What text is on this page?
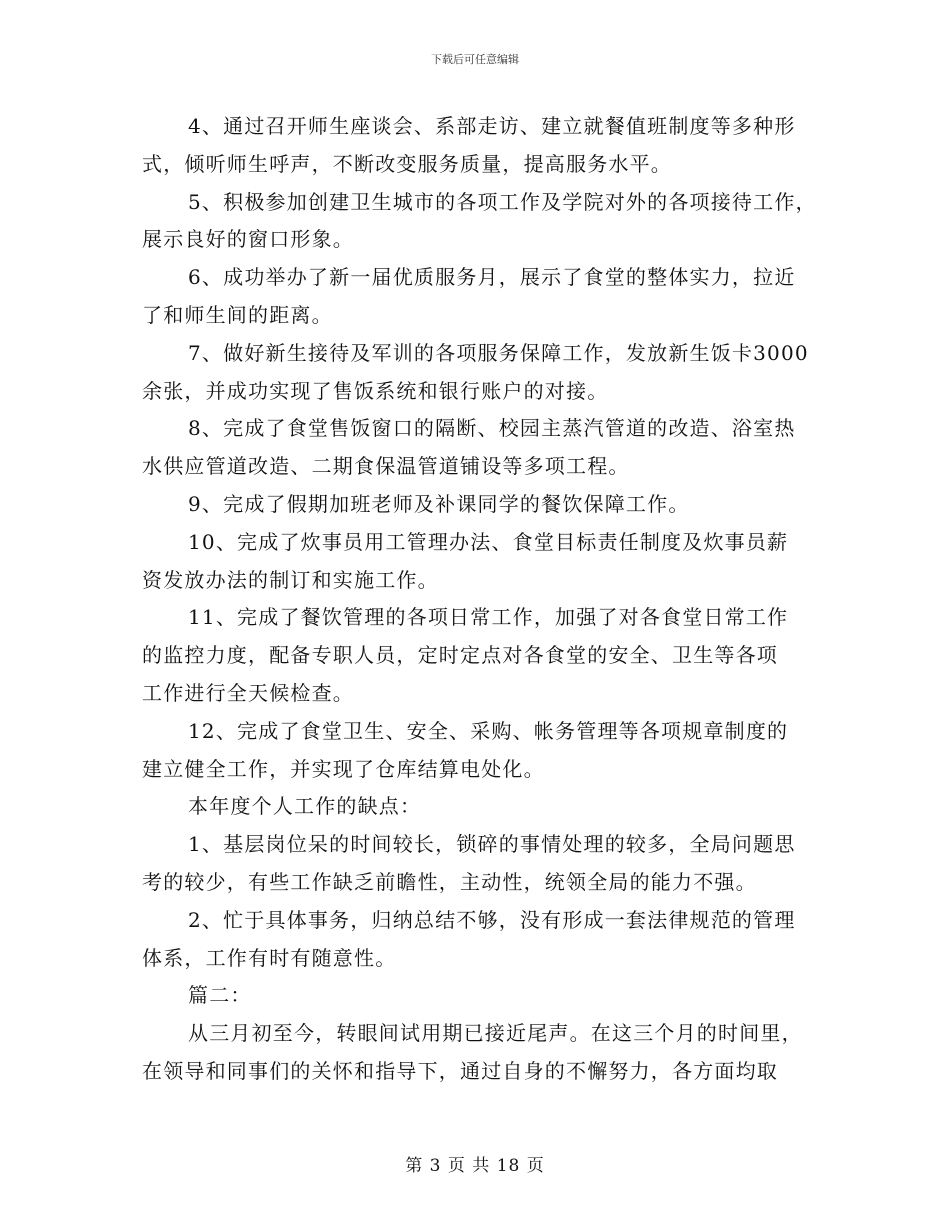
下载后可任意编辑
4、通过召开师生座谈会、系部走访、建立就餐值班制度等多种形
式，倾听师生呼声，不断改变服务质量，提高服务水平。
5、积极参加创建卫生城市的各项工作及学院对外的各项接待工作，
展示良好的窗口形象。
6、成功举办了新一届优质服务月，展示了食堂的整体实力，拉近
了和师生间的距离。
7、做好新生接待及军训的各项服务保障工作，发放新生饭卡3000
余张，并成功实现了售饭系统和银行账户的对接。
8、完成了食堂售饭窗口的隔断、校园主蒸汽管道的改造、浴室热
水供应管道改造、二期食保温管道铺设等多项工程。
9、完成了假期加班老师及补课同学的餐饮保障工作。
10、完成了炊事员用工管理办法、食堂目标责任制度及炊事员薪
资发放办法的制订和实施工作。
11、完成了餐饮管理的各项日常工作，加强了对各食堂日常工作
的监控力度，配备专职人员，定时定点对各食堂的安全、卫生等各项
工作进行全天候检查。
12、完成了食堂卫生、安全、采购、帐务管理等各项规章制度的
建立健全工作，并实现了仓库结算电处化。
本年度个人工作的缺点：
1、基层岗位呆的时间较长，锁碎的事情处理的较多，全局问题思
考的较少，有些工作缺乏前瞻性，主动性，统领全局的能力不强。
2、忙于具体事务，归纳总结不够，没有形成一套法律规范的管理
体系，工作有时有随意性。
篇二：
从三月初至今，转眼间试用期已接近尾声。在这三个月的时间里，
在领导和同事们的关怀和指导下，通过自身的不懈努力，各方面均取
第 3 页 共 18 页
